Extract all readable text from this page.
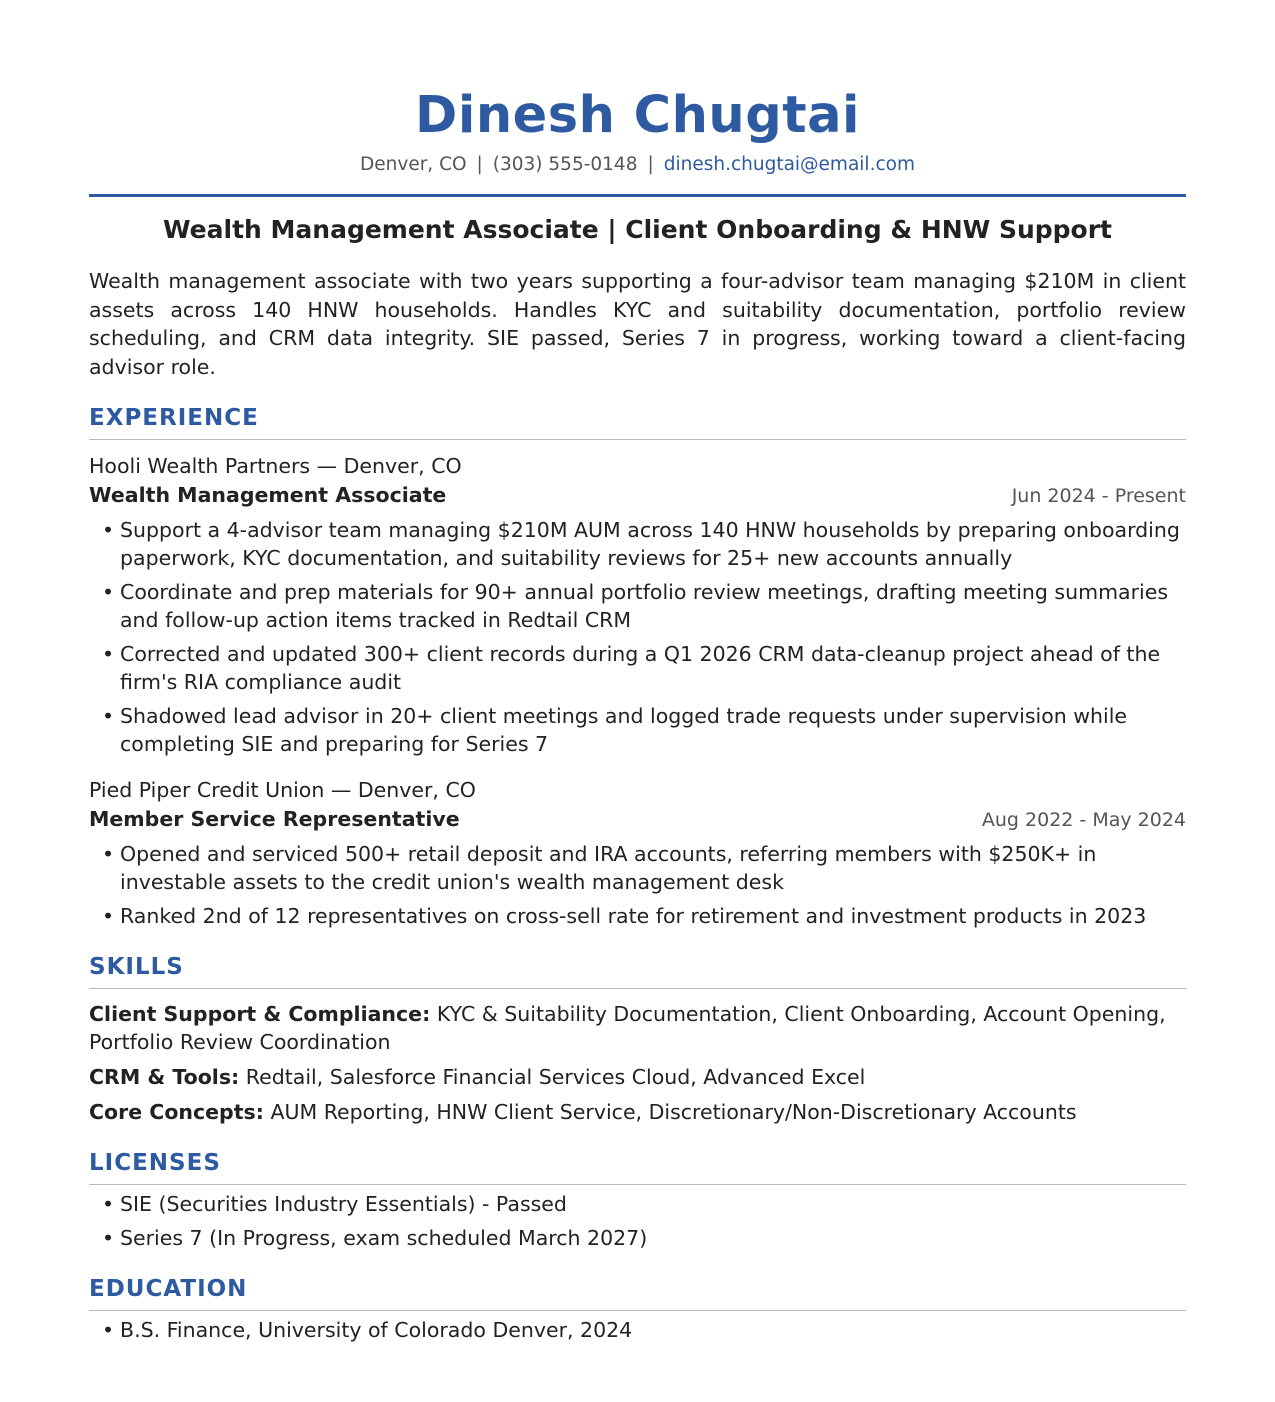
Dinesh Chugtai
Denver, CO | (303) 555-0148 | dinesh.chugtai@email.com
Wealth Management Associate | Client Onboarding & HNW Support

Wealth management associate with two years supporting a four-advisor team managing $210M in client assets across 140 HNW households. Handles KYC and suitability documentation, portfolio review scheduling, and CRM data integrity. SIE passed, Series 7 in progress, working toward a client-facing advisor role.

EXPERIENCE
Hooli Wealth Partners — Denver, CO
Wealth Management Associate	Jun 2024 - Present
• Support a 4-advisor team managing $210M AUM across 140 HNW households by preparing onboarding paperwork, KYC documentation, and suitability reviews for 25+ new accounts annually
• Coordinate and prep materials for 90+ annual portfolio review meetings, drafting meeting summaries and follow-up action items tracked in Redtail CRM
• Corrected and updated 300+ client records during a Q1 2026 CRM data-cleanup project ahead of the firm's RIA compliance audit
• Shadowed lead advisor in 20+ client meetings and logged trade requests under supervision while completing SIE and preparing for Series 7
Pied Piper Credit Union — Denver, CO
Member Service Representative	Aug 2022 - May 2024
• Opened and serviced 500+ retail deposit and IRA accounts, referring members with $250K+ in investable assets to the credit union's wealth management desk
• Ranked 2nd of 12 representatives on cross-sell rate for retirement and investment products in 2023
SKILLS
Client Support & Compliance: KYC & Suitability Documentation, Client Onboarding, Account Opening, Portfolio Review Coordination
CRM & Tools: Redtail, Salesforce Financial Services Cloud, Advanced Excel
Core Concepts: AUM Reporting, HNW Client Service, Discretionary/Non-Discretionary Accounts
LICENSES
• SIE (Securities Industry Essentials) - Passed
• Series 7 (In Progress, exam scheduled March 2027)
EDUCATION
• B.S. Finance, University of Colorado Denver, 2024
